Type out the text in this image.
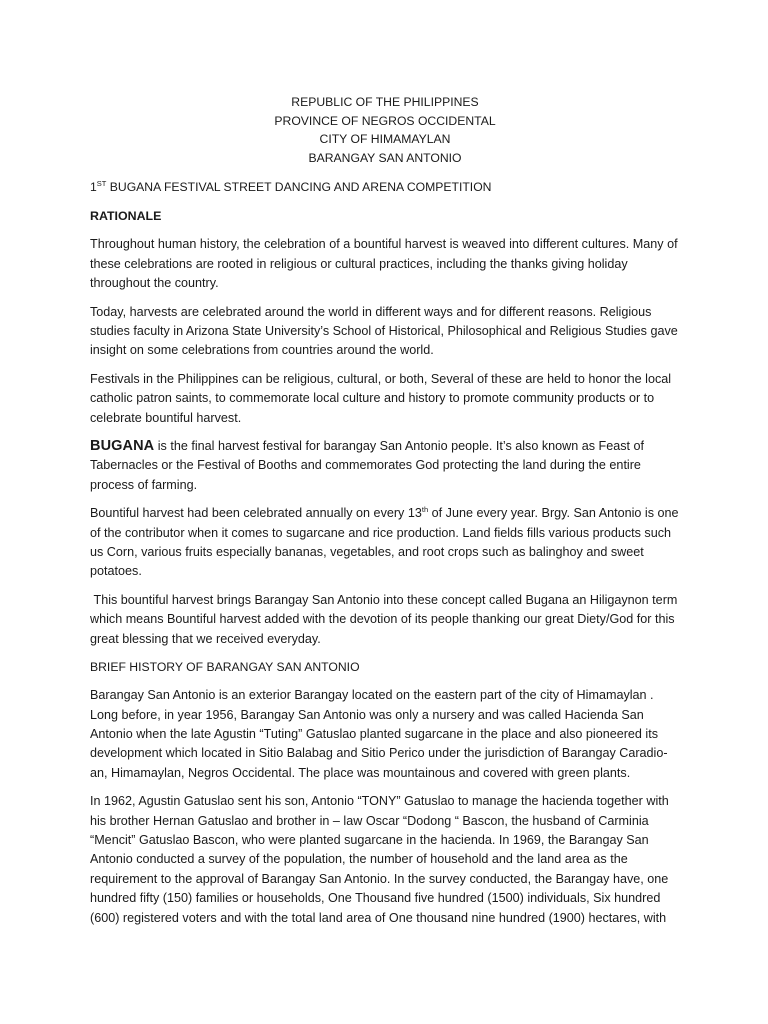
REPUBLIC OF THE PHILIPPINES
PROVINCE OF NEGROS OCCIDENTAL
CITY OF HIMAMAYLAN
BARANGAY SAN ANTONIO

1ST BUGANA FESTIVAL STREET DANCING AND ARENA COMPETITION

RATIONALE

Throughout human history, the celebration of a bountiful harvest is weaved into different cultures. Many of these celebrations are rooted in religious or cultural practices, including the thanks giving holiday throughout the country.

Today, harvests are celebrated around the world in different ways and for different reasons. Religious studies faculty in Arizona State University’s School of Historical, Philosophical and Religious Studies gave insight on some celebrations from countries around the world.

Festivals in the Philippines can be religious, cultural, or both, Several of these are held to honor the local catholic patron saints, to commemorate local culture and history to promote community products or to celebrate bountiful harvest.

BUGANA is the final harvest festival for barangay San Antonio people. It’s also known as Feast of Tabernacles or the Festival of Booths and commemorates God protecting the land during the entire process of farming.

Bountiful harvest had been celebrated annually on every 13th of June every year. Brgy. San Antonio is one of the contributor when it comes to sugarcane and rice production. Land fields fills various products such us Corn, various fruits especially bananas, vegetables, and root crops such as balinghoy and sweet potatoes.

This bountiful harvest brings Barangay San Antonio into these concept called Bugana an Hiligaynon term which means Bountiful harvest added with the devotion of its people thanking our great Diety/God for this great blessing that we received everyday.

BRIEF HISTORY OF BARANGAY SAN ANTONIO

Barangay San Antonio is an exterior Barangay located on the eastern part of the city of Himamaylan . Long before, in year 1956, Barangay San Antonio was only a nursery and was called Hacienda San Antonio when the late Agustin “Tuting” Gatuslao planted sugarcane in the place and also pioneered its development which located in Sitio Balabag and Sitio Perico under the jurisdiction of Barangay Caradio-an, Himamaylan, Negros Occidental. The place was mountainous and covered with green plants.

In 1962, Agustin Gatuslao sent his son, Antonio “TONY” Gatuslao to manage the hacienda together with his brother Hernan Gatuslao and brother in – law Oscar “Dodong “ Bascon, the husband of Carminia “Mencit” Gatuslao Bascon, who were planted sugarcane in the hacienda. In 1969, the Barangay San Antonio conducted a survey of the population, the number of household and the land area as the requirement to the approval of Barangay San Antonio. In the survey conducted, the Barangay have, one hundred fifty (150) families or households, One Thousand five hundred (1500) individuals, Six hundred (600) registered voters and with the total land area of One thousand nine hundred (1900) hectares, with
